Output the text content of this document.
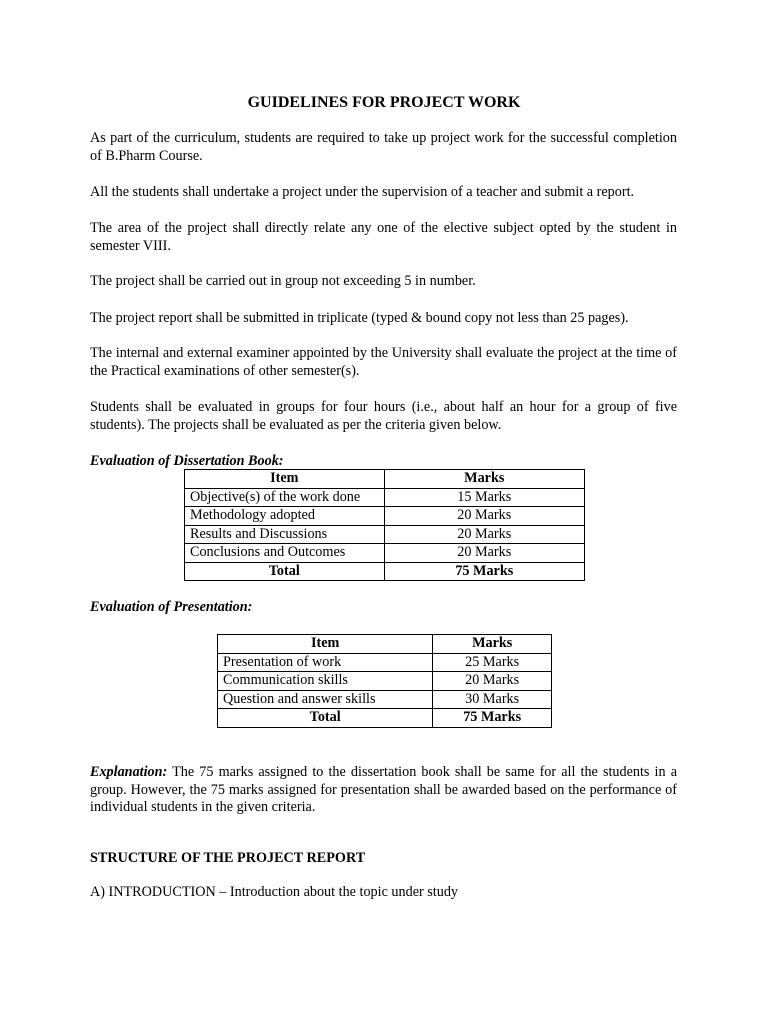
GUIDELINES FOR PROJECT WORK

As part of the curriculum, students are required to take up project work for the successful completion of B.Pharm Course.

All the students shall undertake a project under the supervision of a teacher and submit a report.

The area of the project shall directly relate any one of the elective subject opted by the student in semester VIII.

The project shall be carried out in group not exceeding 5 in number.

The project report shall be submitted in triplicate (typed & bound copy not less than 25 pages).

The internal and external examiner appointed by the University shall evaluate the project at the time of the Practical examinations of other semester(s).

Students shall be evaluated in groups for four hours (i.e., about half an hour for a group of five students). The projects shall be evaluated as per the criteria given below.

Evaluation of Dissertation Book:
Item	Marks
Objective(s) of the work done	15 Marks
Methodology adopted	20 Marks
Results and Discussions	20 Marks
Conclusions and Outcomes	20 Marks
Total	75 Marks
Evaluation of Presentation:
Item	Marks
Presentation of work	25 Marks
Communication skills	20 Marks
Question and answer skills	30 Marks
Total	75 Marks

Explanation: The 75 marks assigned to the dissertation book shall be same for all the students in a group. However, the 75 marks assigned for presentation shall be awarded based on the performance of individual students in the given criteria.

STRUCTURE OF THE PROJECT REPORT
A) INTRODUCTION – Introduction about the topic under study
